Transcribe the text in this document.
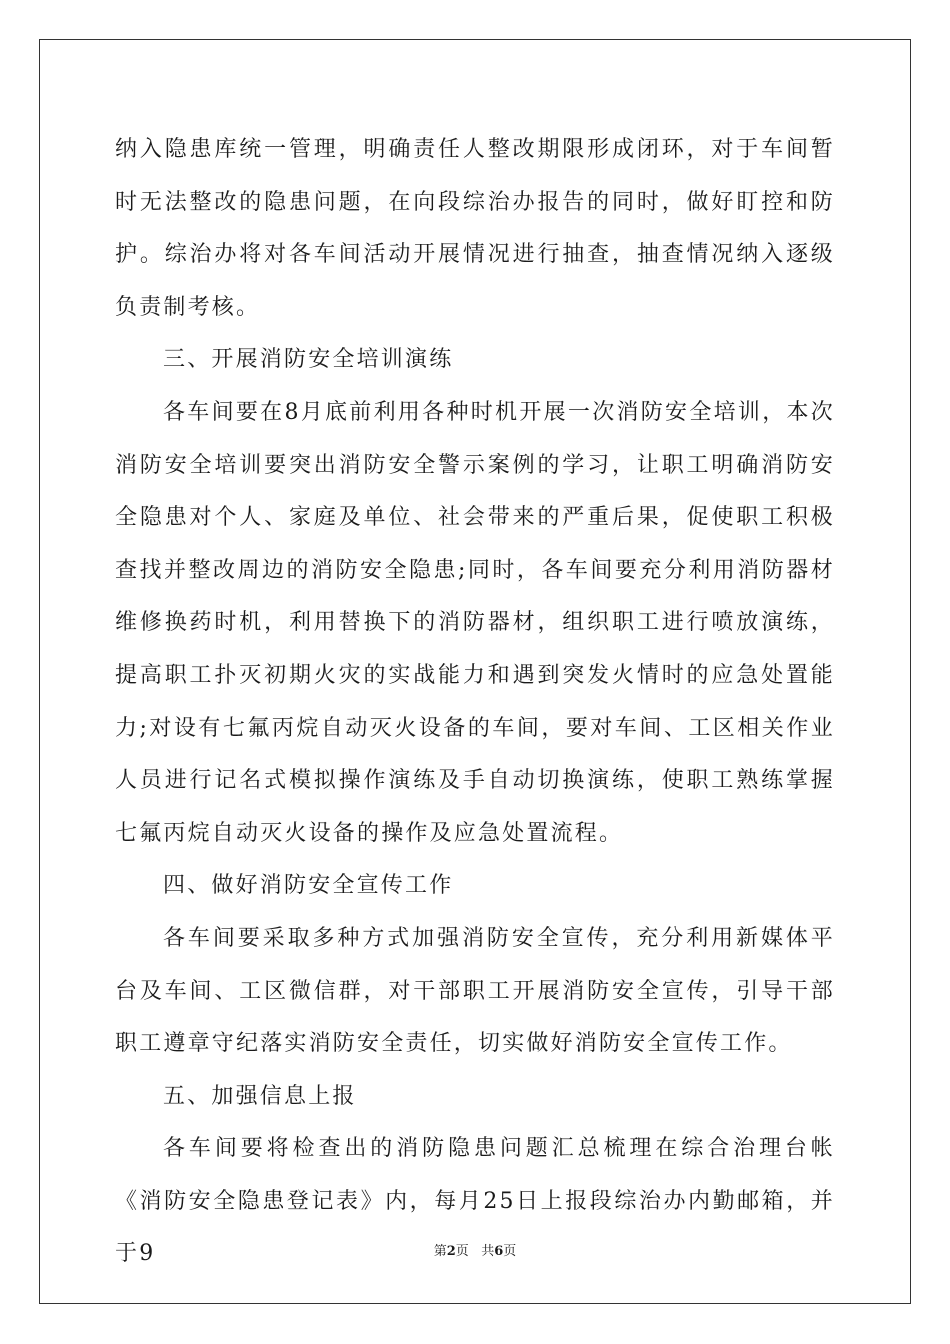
纳入隐患库统一管理，明确责任人整改期限形成闭环，对于车间暂时无法整改的隐患问题，在向段综治办报告的同时，做好盯控和防护。综治办将对各车间活动开展情况进行抽查，抽查情况纳入逐级负责制考核。

三、开展消防安全培训演练

各车间要在8月底前利用各种时机开展一次消防安全培训，本次消防安全培训要突出消防安全警示案例的学习，让职工明确消防安全隐患对个人、家庭及单位、社会带来的严重后果，促使职工积极查找并整改周边的消防安全隐患;同时，各车间要充分利用消防器材维修换药时机，利用替换下的消防器材，组织职工进行喷放演练，提高职工扑灭初期火灾的实战能力和遇到突发火情时的应急处置能力;对设有七氟丙烷自动灭火设备的车间，要对车间、工区相关作业人员进行记名式模拟操作演练及手自动切换演练，使职工熟练掌握七氟丙烷自动灭火设备的操作及应急处置流程。

四、做好消防安全宣传工作

各车间要采取多种方式加强消防安全宣传，充分利用新媒体平台及车间、工区微信群，对干部职工开展消防安全宣传，引导干部职工遵章守纪落实消防安全责任，切实做好消防安全宣传工作。

五、加强信息上报

各车间要将检查出的消防隐患问题汇总梳理在综合治理台帐《消防安全隐患登记表》内，每月25日上报段综治办内勤邮箱，并于9	第2页 共6页
